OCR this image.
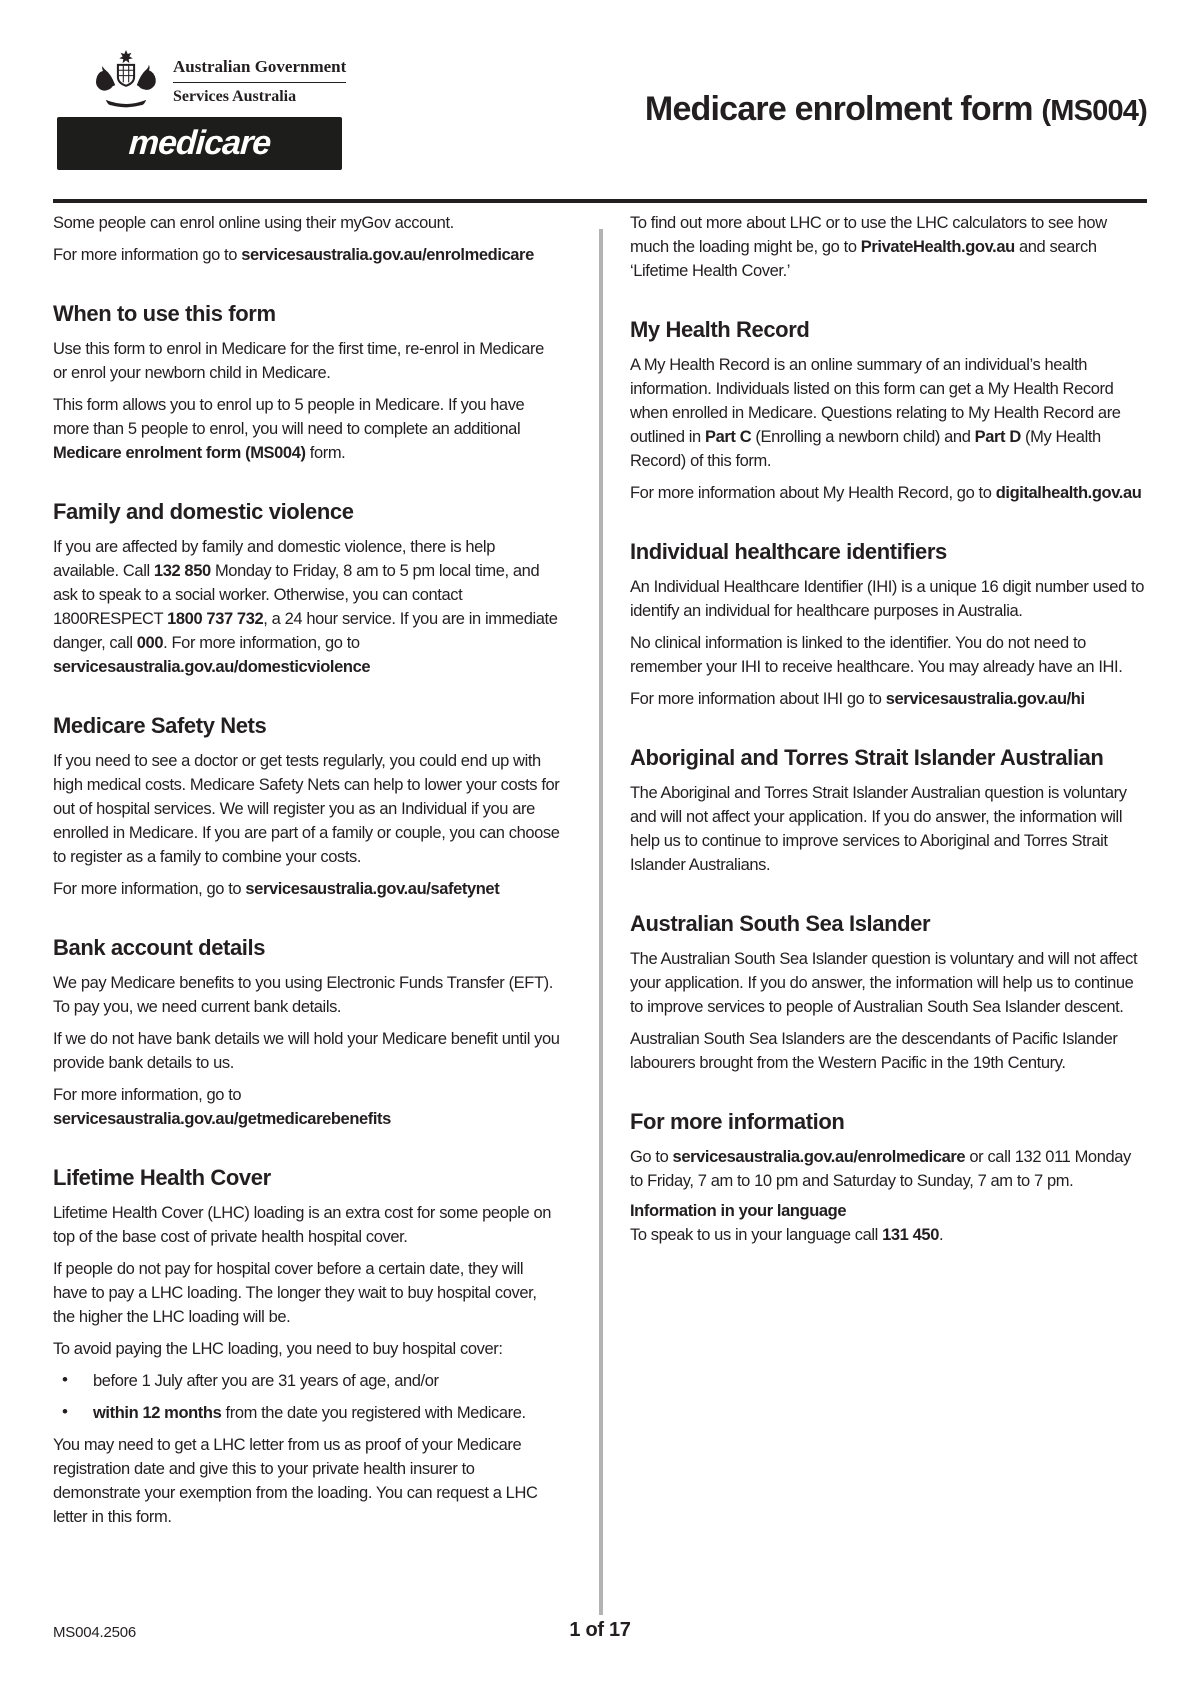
Australian Government
Services Australia
medicare
Medicare enrolment form (MS004)

Some people can enrol online using their myGov account.

For more information go to servicesaustralia.gov.au/enrolmedicare

When to use this form

Use this form to enrol in Medicare for the first time, re-enrol in Medicare or enrol your newborn child in Medicare.

This form allows you to enrol up to 5 people in Medicare. If you have more than 5 people to enrol, you will need to complete an additional Medicare enrolment form (MS004) form.

Family and domestic violence

If you are affected by family and domestic violence, there is help available. Call 132 850 Monday to Friday, 8 am to 5 pm local time, and ask to speak to a social worker. Otherwise, you can contact 1800RESPECT 1800 737 732, a 24 hour service. If you are in immediate danger, call 000. For more information, go to servicesaustralia.gov.au/domesticviolence

Medicare Safety Nets

If you need to see a doctor or get tests regularly, you could end up with high medical costs. Medicare Safety Nets can help to lower your costs for out of hospital services. We will register you as an Individual if you are enrolled in Medicare. If you are part of a family or couple, you can choose to register as a family to combine your costs.

For more information, go to servicesaustralia.gov.au/safetynet

Bank account details

We pay Medicare benefits to you using Electronic Funds Transfer (EFT). To pay you, we need current bank details.

If we do not have bank details we will hold your Medicare benefit until you provide bank details to us.

For more information, go to servicesaustralia.gov.au/getmedicarebenefits

Lifetime Health Cover

Lifetime Health Cover (LHC) loading is an extra cost for some people on top of the base cost of private health hospital cover.

If people do not pay for hospital cover before a certain date, they will have to pay a LHC loading. The longer they wait to buy hospital cover, the higher the LHC loading will be.

To avoid paying the LHC loading, you need to buy hospital cover:

• before 1 July after you are 31 years of age, and/or
• within 12 months from the date you registered with Medicare.

You may need to get a LHC letter from us as proof of your Medicare registration date and give this to your private health insurer to demonstrate your exemption from the loading. You can request a LHC letter in this form.

To find out more about LHC or to use the LHC calculators to see how much the loading might be, go to PrivateHealth.gov.au and search ‘Lifetime Health Cover.’

My Health Record

A My Health Record is an online summary of an individual’s health information. Individuals listed on this form can get a My Health Record when enrolled in Medicare. Questions relating to My Health Record are outlined in Part C (Enrolling a newborn child) and Part D (My Health Record) of this form.

For more information about My Health Record, go to digitalhealth.gov.au

Individual healthcare identifiers

An Individual Healthcare Identifier (IHI) is a unique 16 digit number used to identify an individual for healthcare purposes in Australia.

No clinical information is linked to the identifier. You do not need to remember your IHI to receive healthcare. You may already have an IHI.

For more information about IHI go to servicesaustralia.gov.au/hi

Aboriginal and Torres Strait Islander Australian

The Aboriginal and Torres Strait Islander Australian question is voluntary and will not affect your application. If you do answer, the information will help us to continue to improve services to Aboriginal and Torres Strait Islander Australians.

Australian South Sea Islander

The Australian South Sea Islander question is voluntary and will not affect your application. If you do answer, the information will help us to continue to improve services to people of Australian South Sea Islander descent.

Australian South Sea Islanders are the descendants of Pacific Islander labourers brought from the Western Pacific in the 19th Century.

For more information

Go to servicesaustralia.gov.au/enrolmedicare or call 132 011 Monday to Friday, 7 am to 10 pm and Saturday to Sunday, 7 am to 7 pm.

Information in your language

To speak to us in your language call 131 450.

MS004.2506	1 of 17
